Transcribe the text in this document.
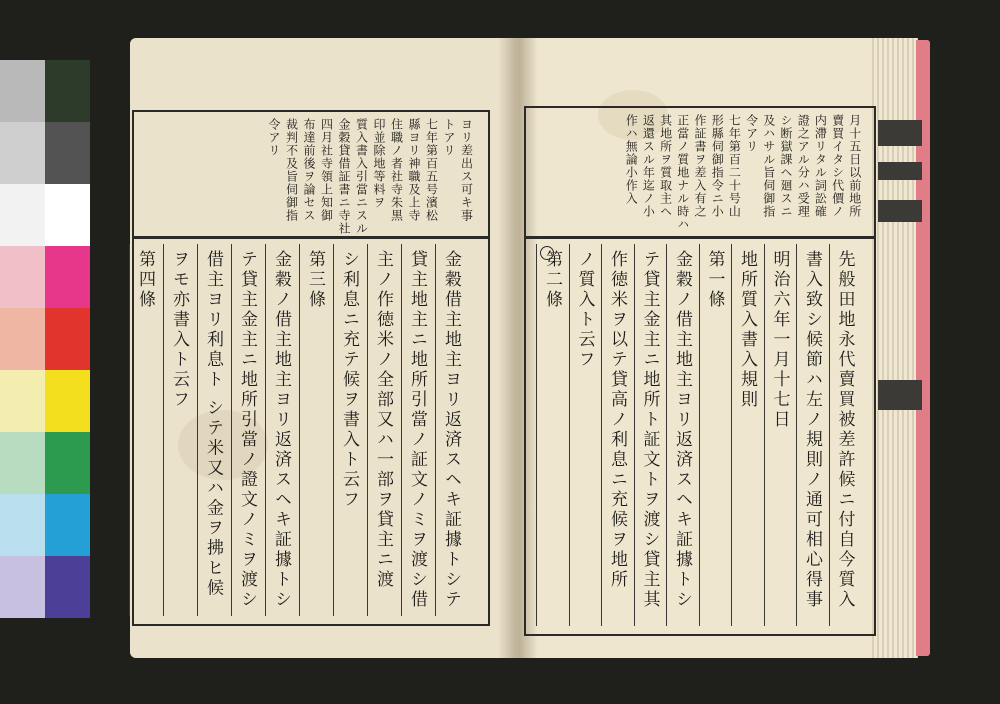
ヨリ差出ス可キ事
トアリ
七年第百五号濱松
縣ヨリ神職及上寺
住職ノ者社寺朱黒
印並除地等料ヲ
質入書入引當ニスル
金穀貸借証書ニ寺社
四月社寺領上知御
布達前後ヲ論セス
裁判不及旨伺御指
令アリ
金穀借主地主ヨリ返済スヘキ証據トシテ
貸主地主ニ地所引當ノ証文ノミヲ渡シ借
主ノ作徳米ノ全部又ハ一部ヲ貸主ニ渡
シ利息ニ充テ候ヲ書入ト云フ
第三條
金穀ノ借主地主ヨリ返済スヘキ証據トシ
テ貸主金主ニ地所引當ノ證文ノミヲ渡シ
借主ヨリ利息ト シテ米又ハ金ヲ拂ヒ候
ヲモ亦書入ト云フ
第四條
月十五日以前地所
賣買イタシ代價ノ
内滯リタル詞訟確
證之アル分ハ受理
シ断獄課ヘ廻スニ
及ハサル旨伺御指
令アリ
七年第百二十号山
形縣伺御指令ニ小
作証書ヲ差入有之
正當ノ質地ナル時ハ
其地所ヲ質取主ヘ
返還スル年迄ノ小
作ハ無論小作入
先般田地永代賣買被差許候ニ付自今質入
書入致シ候節ハ左ノ規則ノ通可相心得事
明治六年一月十七日
地所質入書入規則
第一條
金穀ノ借主地主ヨリ返済スヘキ証據トシ
テ貸主金主ニ地所ト証文トヲ渡シ貸主其
作徳米ヲ以テ貸高ノ利息ニ充候ヲ地所
ノ質入ト云フ
第二條
